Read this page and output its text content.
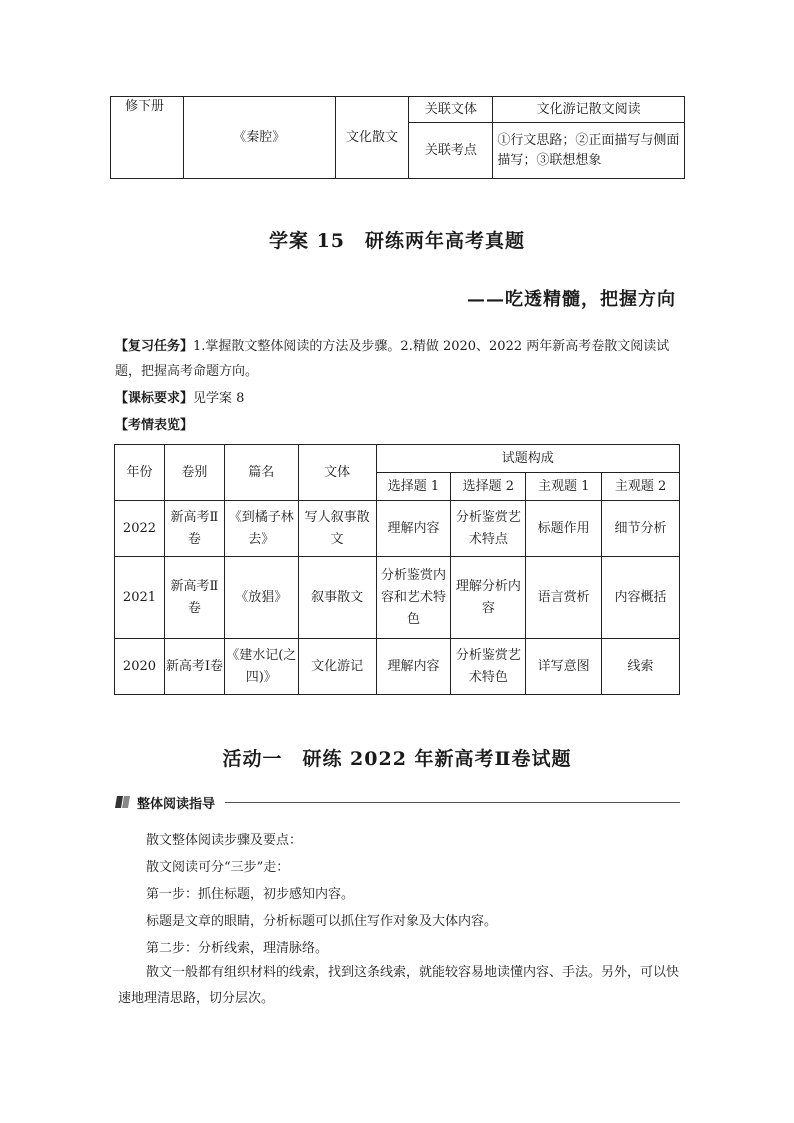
修下册	《秦腔》	文化散文	关联文体	文化游记散文阅读
			关联考点	①行文思路；②正面描写与侧面描写；③联想想象
学案 15　研练两年高考真题
——吃透精髓，把握方向
【复习任务】1.掌握散文整体阅读的方法及步骤。2.精做 2020、2022 两年新高考卷散文阅读试题，把握高考命题方向。
【课标要求】见学案 8
【考情表览】
年份	卷别	篇名	文体	试题构成			
				选择题 1	选择题 2	主观题 1	主观题 2
2022	新高考Ⅱ卷	《到橘子林去》	写人叙事散文	理解内容	分析鉴赏艺术特点	标题作用	细节分析
2021	新高考Ⅱ卷	《放猖》	叙事散文	分析鉴赏内容和艺术特色	理解分析内容	语言赏析	内容概括
2020	新高考Ⅰ卷	《建水记(之四)》	文化游记	理解内容	分析鉴赏艺术特色	详写意图	线索
活动一　研练 2022 年新高考Ⅱ卷试题
整体阅读指导
散文整体阅读步骤及要点：
散文阅读可分“三步”走：
第一步：抓住标题，初步感知内容。
标题是文章的眼睛，分析标题可以抓住写作对象及大体内容。
第二步：分析线索，理清脉络。
散文一般都有组织材料的线索，找到这条线索，就能较容易地读懂内容、手法。另外，可以快速地理清思路，切分层次。
